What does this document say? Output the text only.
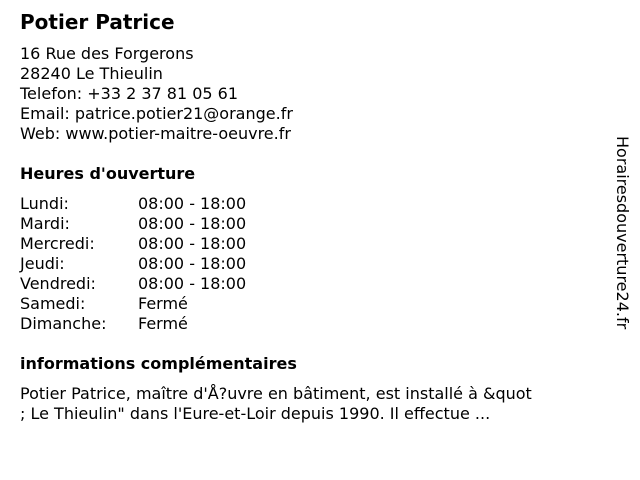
Potier Patrice
16 Rue des Forgerons
28240 Le Thieulin
Telefon: +33 2 37 81 05 61
Email: patrice.potier21@orange.fr
Web: www.potier-maitre-oeuvre.fr
Heures d'ouverture
Lundi:	08:00 - 18:00
Mardi:	08:00 - 18:00
Mercredi:	08:00 - 18:00
Jeudi:	08:00 - 18:00
Vendredi:	08:00 - 18:00
Samedi:	Fermé
Dimanche:	Fermé
informations complémentaires
Potier Patrice, maître d'Å?uvre en bâtiment, est installé à &quot
; Le Thieulin" dans l'Eure-et-Loir depuis 1990. Il effectue ...
Horairesdouverture24.fr
